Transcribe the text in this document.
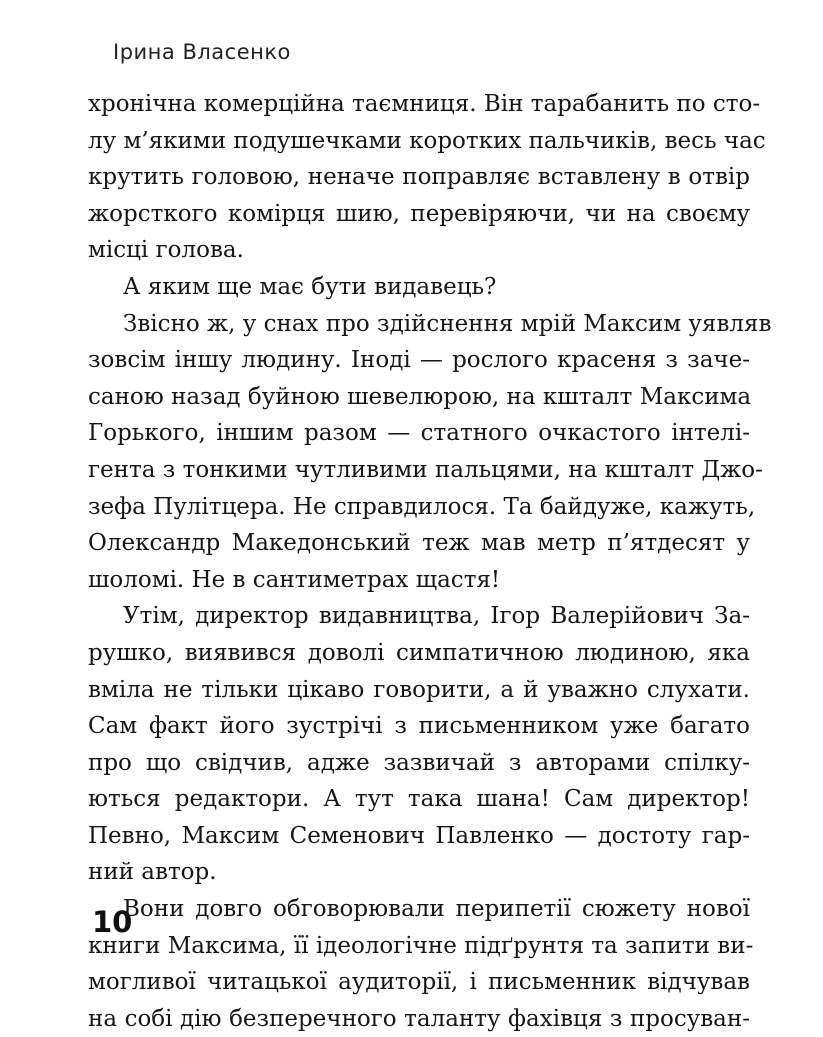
Ірина Власенко
хронічна комерційна таємниця. Він тарабанить по сто-
лу м’якими подушечками коротких пальчиків, весь час
крутить головою, неначе поправляє вставлену в отвір
жорсткого комірця шию, перевіряючи, чи на своєму
місці голова.
А яким ще має бути видавець?
Звісно ж, у снах про здійснення мрій Максим уявляв
зовсім іншу людину. Іноді — рослого красеня з заче-
саною назад буйною шевелюрою, на кшталт Максима
Горького, іншим разом — статного очкастого інтелі-
гента з тонкими чутливими пальцями, на кшталт Джо-
зефа Пулітцера. Не справдилося. Та байдуже, кажуть,
Олександр Македонський теж мав метр п’ятдесят у
шоломі. Не в сантиметрах щастя!
Утім, директор видавництва, Ігор Валерійович За-
рушко, виявився доволі симпатичною людиною, яка
вміла не тільки цікаво говорити, а й уважно слухати.
Сам факт його зустрічі з письменником уже багато
про що свідчив, адже зазвичай з авторами спілку-
ються редактори. А тут така шана! Сам директор!
Певно, Максим Семенович Павленко — достоту гар-
ний автор.
Вони довго обговорювали перипетії сюжету нової
книги Максима, її ідеологічне підґрунтя та запити ви-
могливої читацької аудиторії, і письменник відчував
на собі дію безперечного таланту фахівця з просуван-
10
